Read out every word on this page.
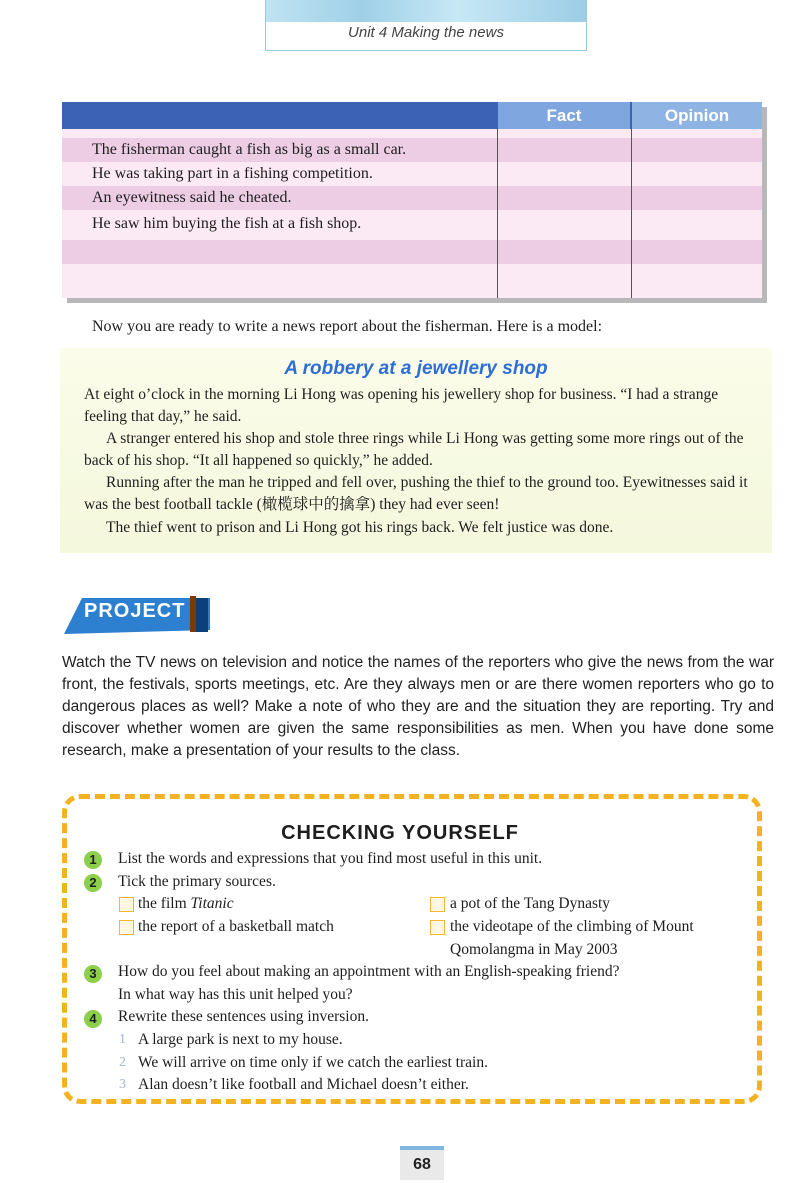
Unit 4 Making the news
Fact	Opinion
The fisherman caught a fish as big as a small car.
He was taking part in a fishing competition.
An eyewitness said he cheated.
He saw him buying the fish at a fish shop.
Now you are ready to write a news report about the fisherman. Here is a model:
A robbery at a jewellery shop
At eight o’clock in the morning Li Hong was opening his jewellery shop for business. “I had a strange feeling that day,” he said.
A stranger entered his shop and stole three rings while Li Hong was getting some more rings out of the back of his shop. “It all happened so quickly,” he added.
Running after the man he tripped and fell over, pushing the thief to the ground too. Eyewitnesses said it was the best football tackle (橄榄球中的擒拿) they had ever seen!
The thief went to prison and Li Hong got his rings back. We felt justice was done.
PROJECT
Watch the TV news on television and notice the names of the reporters who give the news from the war front, the festivals, sports meetings, etc. Are they always men or are there women reporters who go to dangerous places as well? Make a note of who they are and the situation they are reporting. Try and discover whether women are given the same responsibilities as men. When you have done some research, make a presentation of your results to the class.
CHECKING YOURSELF
1	List the words and expressions that you find most useful in this unit.
2	Tick the primary sources.
the film Titanic	a pot of the Tang Dynasty
the report of a basketball match	the videotape of the climbing of Mount
Qomolangma in May 2003
3	How do you feel about making an appointment with an English-speaking friend?
In what way has this unit helped you?
4	Rewrite these sentences using inversion.
1 A large park is next to my house.
2 We will arrive on time only if we catch the earliest train.
3 Alan doesn’t like football and Michael doesn’t either.
68
